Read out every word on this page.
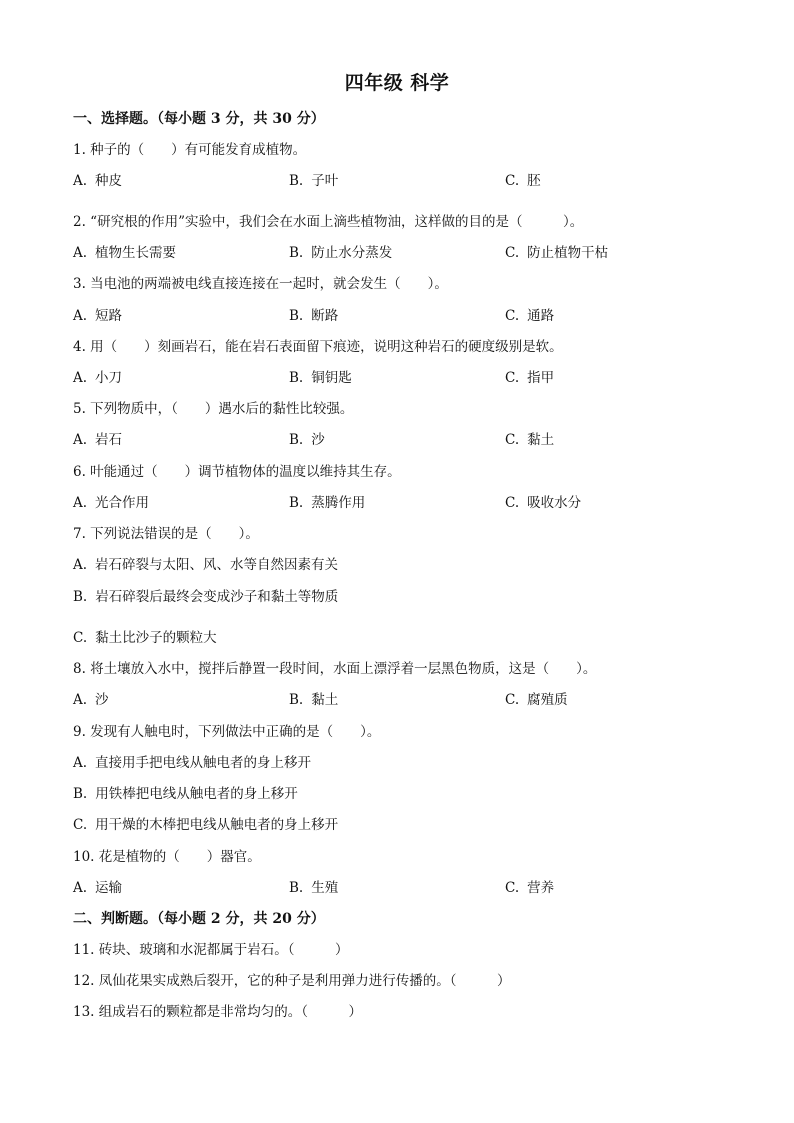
四年级 科学
一、选择题。（每小题 3 分，共 30 分）
1. 种子的（　　）有可能发育成植物。
A. 种皮	B. 子叶	C. 胚
2. “研究根的作用”实验中，我们会在水面上滴些植物油，这样做的目的是（　　　）。
A. 植物生长需要	B. 防止水分蒸发	C. 防止植物干枯
3. 当电池的两端被电线直接连接在一起时，就会发生（　　）。
A. 短路	B. 断路	C. 通路
4. 用（　　）刻画岩石，能在岩石表面留下痕迹，说明这种岩石的硬度级别是软。
A. 小刀	B. 铜钥匙	C. 指甲
5. 下列物质中，（　　）遇水后的黏性比较强。
A. 岩石	B. 沙	C. 黏土
6. 叶能通过（　　）调节植物体的温度以维持其生存。
A. 光合作用	B. 蒸腾作用	C. 吸收水分
7. 下列说法错误的是（　　）。
A. 岩石碎裂与太阳、风、水等自然因素有关
B. 岩石碎裂后最终会变成沙子和黏土等物质
C. 黏土比沙子的颗粒大
8. 将土壤放入水中，搅拌后静置一段时间，水面上漂浮着一层黑色物质，这是（　　）。
A. 沙	B. 黏土	C. 腐殖质
9. 发现有人触电时，下列做法中正确的是（　　）。
A. 直接用手把电线从触电者的身上移开
B. 用铁棒把电线从触电者的身上移开
C. 用干燥的木棒把电线从触电者的身上移开
10. 花是植物的（　　）器官。
A. 运输	B. 生殖	C. 营养
二、判断题。（每小题 2 分，共 20 分）
11. 砖块、玻璃和水泥都属于岩石。（　　　）
12. 凤仙花果实成熟后裂开，它的种子是利用弹力进行传播的。（　　　）
13. 组成岩石的颗粒都是非常均匀的。（　　　）
